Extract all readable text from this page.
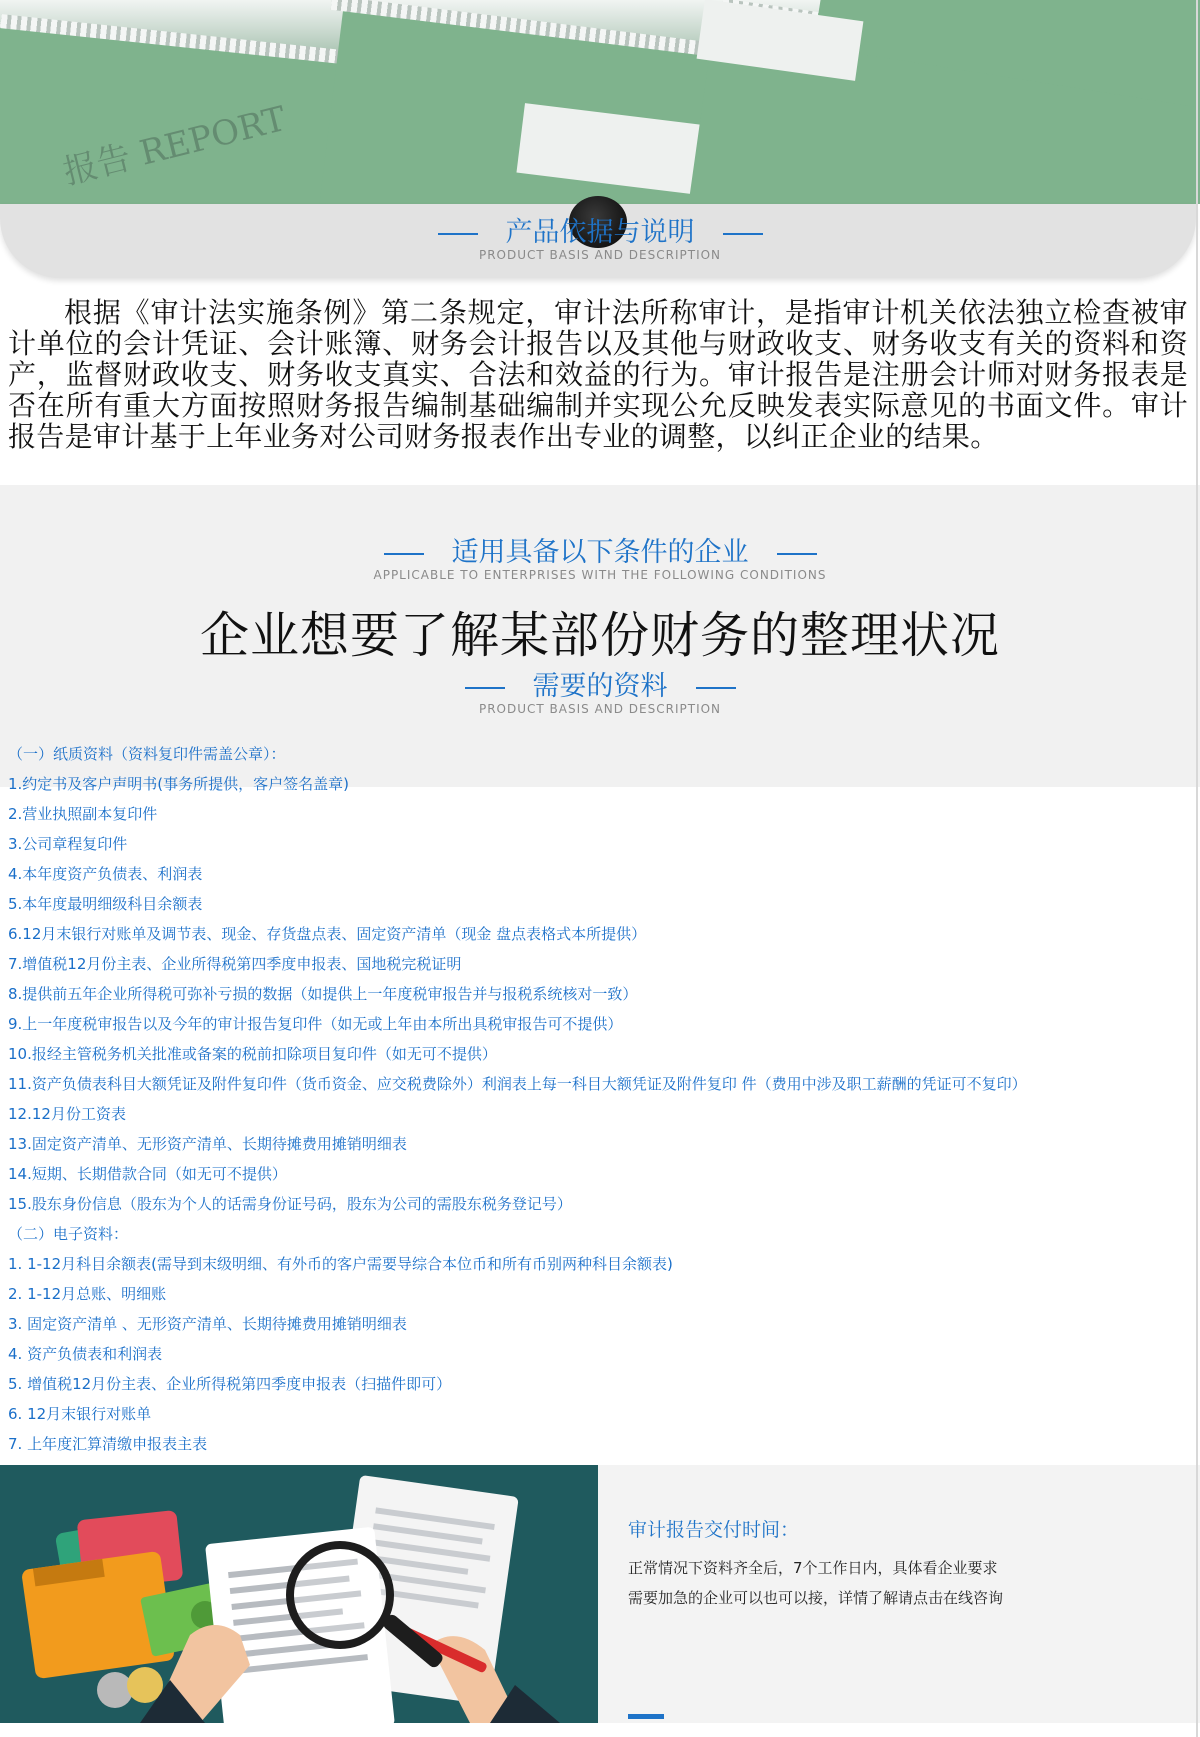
报告 REPORT
产品依据与说明
PRODUCT BASIS AND DESCRIPTION
根据《审计法实施条例》第二条规定，审计法所称审计，是指审计机关依法独立检查被审计单位的会计凭证、会计账簿、财务会计报告以及其他与财政收支、财务收支有关的资料和资产，监督财政收支、财务收支真实、合法和效益的行为。审计报告是注册会计师对财务报表是否在所有重大方面按照财务报告编制基础编制并实现公允反映发表实际意见的书面文件。审计报告是审计基于上年业务对公司财务报表作出专业的调整，以纠正企业的结果。
适用具备以下条件的企业
APPLICABLE TO ENTERPRISES WITH THE FOLLOWING CONDITIONS
企业想要了解某部份财务的整理状况
需要的资料
PRODUCT BASIS AND DESCRIPTION
（一）纸质资料（资料复印件需盖公章）：
1.约定书及客户声明书(事务所提供，客户签名盖章)
2.营业执照副本复印件
3.公司章程复印件
4.本年度资产负债表、利润表
5.本年度最明细级科目余额表
6.12月末银行对账单及调节表、现金、存货盘点表、固定资产清单（现金 盘点表格式本所提供）
7.增值税12月份主表、企业所得税第四季度申报表、国地税完税证明
8.提供前五年企业所得税可弥补亏损的数据（如提供上一年度税审报告并与报税系统核对一致）
9.上一年度税审报告以及今年的审计报告复印件（如无或上年由本所出具税审报告可不提供）
10.报经主管税务机关批准或备案的税前扣除项目复印件（如无可不提供）
11.资产负债表科目大额凭证及附件复印件（货币资金、应交税费除外）利润表上每一科目大额凭证及附件复印 件（费用中涉及职工薪酬的凭证可不复印）
12.12月份工资表
13.固定资产清单、无形资产清单、长期待摊费用摊销明细表
14.短期、长期借款合同（如无可不提供）
15.股东身份信息（股东为个人的话需身份证号码，股东为公司的需股东税务登记号）
（二）电子资料：
1. 1-12月科目余额表(需导到末级明细、有外币的客户需要导综合本位币和所有币别两种科目余额表)
2. 1-12月总账、明细账
3. 固定资产清单 、无形资产清单、长期待摊费用摊销明细表
4. 资产负债表和利润表
5. 增值税12月份主表、企业所得税第四季度申报表（扫描件即可）
6. 12月末银行对账单
7. 上年度汇算清缴申报表主表
审计报告交付时间：
正常情况下资料齐全后，7个工作日内，具体看企业要求
需要加急的企业可以也可以接，详情了解请点击在线咨询
